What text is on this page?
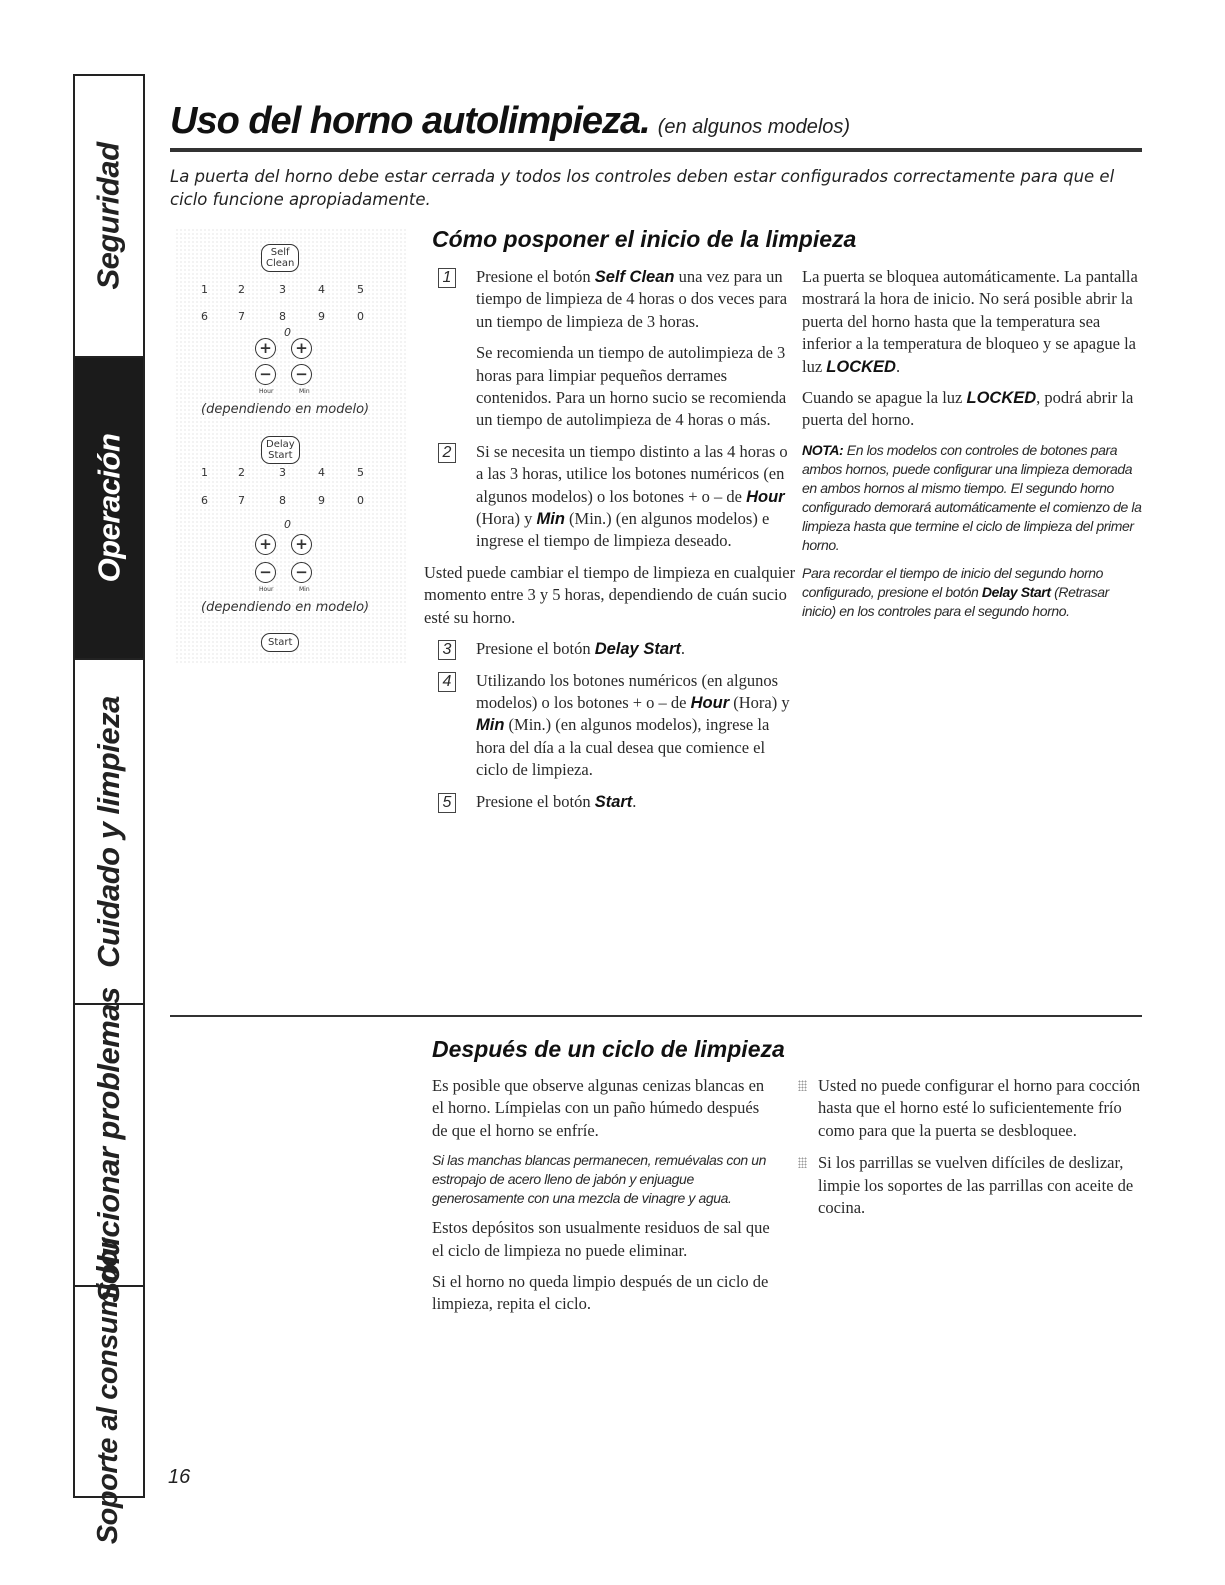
Seguridad
Operación
Cuidado y limpieza
Solucionar problemas
Soporte al consumidor
Uso del horno autolimpieza. (en algunos modelos)
La puerta del horno debe estar cerrada y todos los controles deben estar configurados correctamente para que el ciclo funcione apropiadamente.
Cómo posponer el inicio de la limpieza
Self
Clean
1	2	3	4	5
6	7	8	9	0
0
+ +
− −
Hour	Min
(dependiendo en modelo)
Delay
Start
1	2	3	4	5
6	7	8	9	0
0
+ +
− −
Hour	Min
(dependiendo en modelo)
Start
1 Presione el botón Self Clean una vez para un tiempo de limpieza de 4 horas o dos veces para un tiempo de limpieza de 3 horas.

Se recomienda un tiempo de autolimpieza de 3 horas para limpiar pequeños derrames contenidos. Para un horno sucio se recomienda un tiempo de autolimpieza de 4 horas o más.

2 Si se necesita un tiempo distinto a las 4 horas o a las 3 horas, utilice los botones numéricos (en algunos modelos) o los botones + o – de Hour (Hora) y Min (Min.) (en algunos modelos) e ingrese el tiempo de limpieza deseado.

Usted puede cambiar el tiempo de limpieza en cualquier momento entre 3 y 5 horas, dependiendo de cuán sucio esté su horno.

3 Presione el botón Delay Start.

4 Utilizando los botones numéricos (en algunos modelos) o los botones + o – de Hour (Hora) y Min (Min.) (en algunos modelos), ingrese la hora del día a la cual desea que comience el ciclo de limpieza.

5 Presione el botón Start.

La puerta se bloquea automáticamente. La pantalla mostrará la hora de inicio. No será posible abrir la puerta del horno hasta que la temperatura sea inferior a la temperatura de bloqueo y se apague la luz LOCKED.

Cuando se apague la luz LOCKED, podrá abrir la puerta del horno.

NOTA: En los modelos con controles de botones para ambos hornos, puede configurar una limpieza demorada en ambos hornos al mismo tiempo. El segundo horno configurado demorará automáticamente el comienzo de la limpieza hasta que termine el ciclo de limpieza del primer horno.

Para recordar el tiempo de inicio del segundo horno configurado, presione el botón Delay Start (Retrasar inicio) en los controles para el segundo horno.

Después de un ciclo de limpieza

Es posible que observe algunas cenizas blancas en el horno. Límpielas con un paño húmedo después de que el horno se enfríe.

Si las manchas blancas permanecen, remuévalas con un estropajo de acero lleno de jabón y enjuague generosamente con una mezcla de vinagre y agua.

Estos depósitos son usualmente residuos de sal que el ciclo de limpieza no puede eliminar.

Si el horno no queda limpio después de un ciclo de limpieza, repita el ciclo.

Usted no puede configurar el horno para cocción hasta que el horno esté lo suficientemente frío como para que la puerta se desbloquee.
Si los parrillas se vuelven difíciles de deslizar, limpie los soportes de las parrillas con aceite de cocina.
16
